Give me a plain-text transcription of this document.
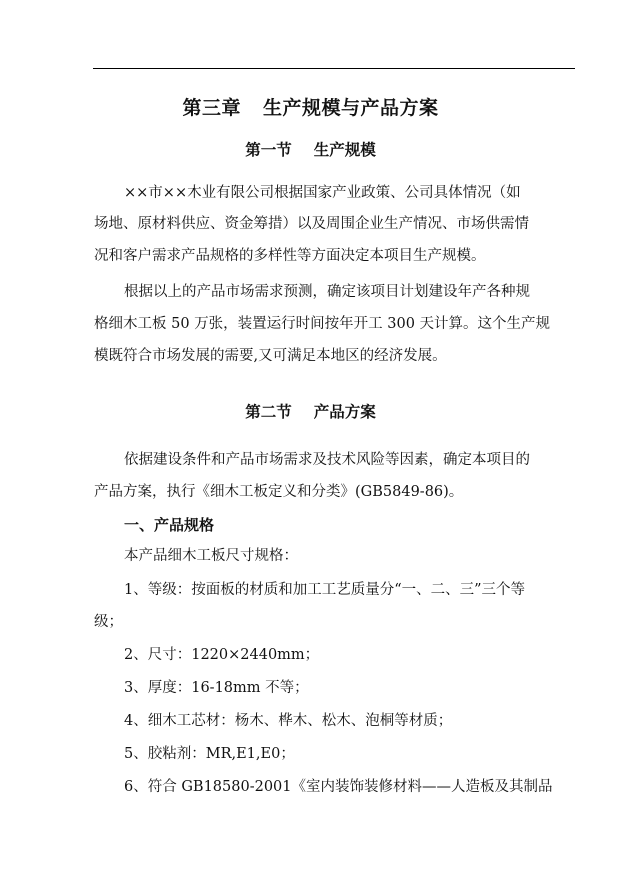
第三章 生产规模与产品方案
第一节 生产规模
××市××木业有限公司根据国家产业政策、公司具体情况（如
场地、原材料供应、资金筹措）以及周围企业生产情况、市场供需情
况和客户需求产品规格的多样性等方面决定本项目生产规模。
根据以上的产品市场需求预测，确定该项目计划建设年产各种规
格细木工板 50 万张，装置运行时间按年开工 300 天计算。这个生产规
模既符合市场发展的需要,又可满足本地区的经济发展。
第二节 产品方案
依据建设条件和产品市场需求及技术风险等因素，确定本项目的
产品方案，执行《细木工板定义和分类》(GB5849-86)。
一、产品规格
本产品细木工板尺寸规格：
1、等级：按面板的材质和加工工艺质量分“一、二、三”三个等
级；
2、尺寸：1220×2440mm；
3、厚度：16-18mm 不等；
4、细木工芯材：杨木、桦木、松木、泡桐等材质；
5、胶粘剂：MR,E1,E0；
6、符合 GB18580-2001《室内装饰装修材料——人造板及其制品
